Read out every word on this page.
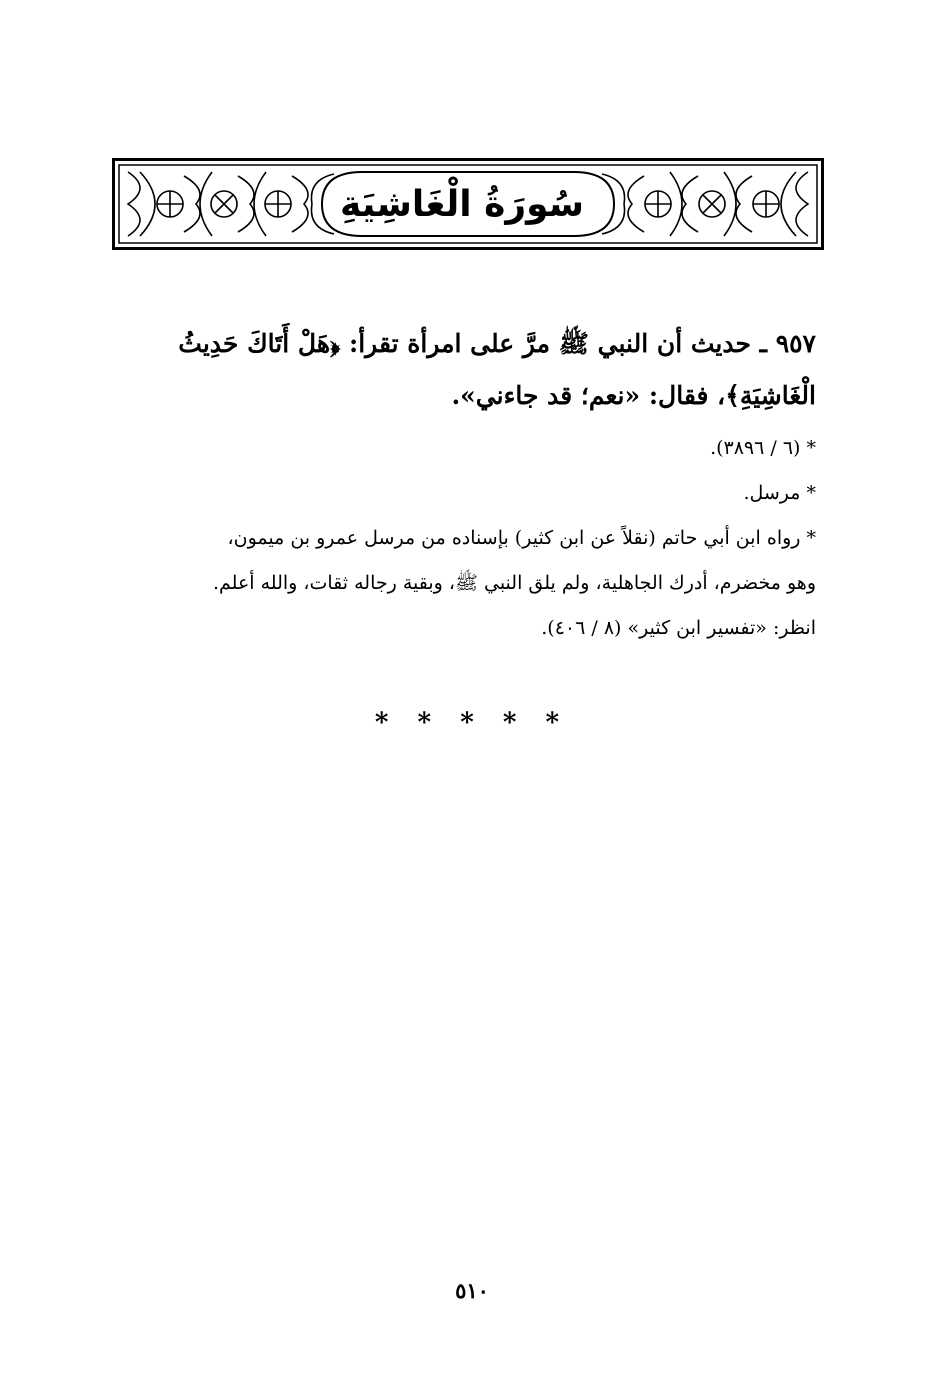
سُورَةُ الْغَاشِيَةِ

٩٥٧ ـ حديث أن النبي ﷺ مرَّ على امرأة تقرأ: ﴿هَلْ أَتَاكَ حَدِيثُ

الْغَاشِيَةِ﴾، فقال: «نعم؛ قد جاءني».

* (٦ / ٣٨٩٦).

* مرسل.

* رواه ابن أبي حاتم (نقلاً عن ابن كثير) بإسناده من مرسل عمرو بن ميمون،

وهو مخضرم، أدرك الجاهلية، ولم يلق النبي ﷺ، وبقية رجاله ثقات، والله أعلم.

انظر: «تفسير ابن كثير» (٨ / ٤٠٦).

* * * * *
٥١٠
